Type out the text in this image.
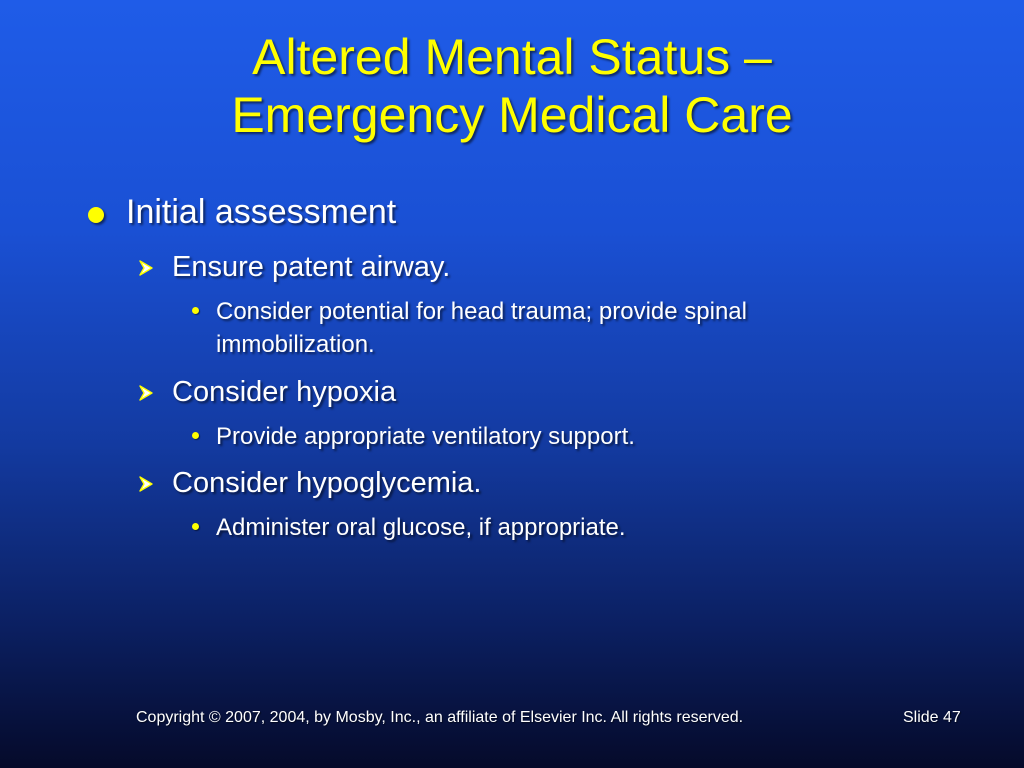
Altered Mental Status –
Emergency Medical Care
Initial assessment
Ensure patent airway.
Consider potential for head trauma; provide spinal immobilization.
Consider hypoxia
Provide appropriate ventilatory support.
Consider hypoglycemia.
Administer oral glucose, if appropriate.
Copyright © 2007, 2004, by Mosby, Inc., an affiliate of Elsevier Inc. All rights reserved.	Slide 47
